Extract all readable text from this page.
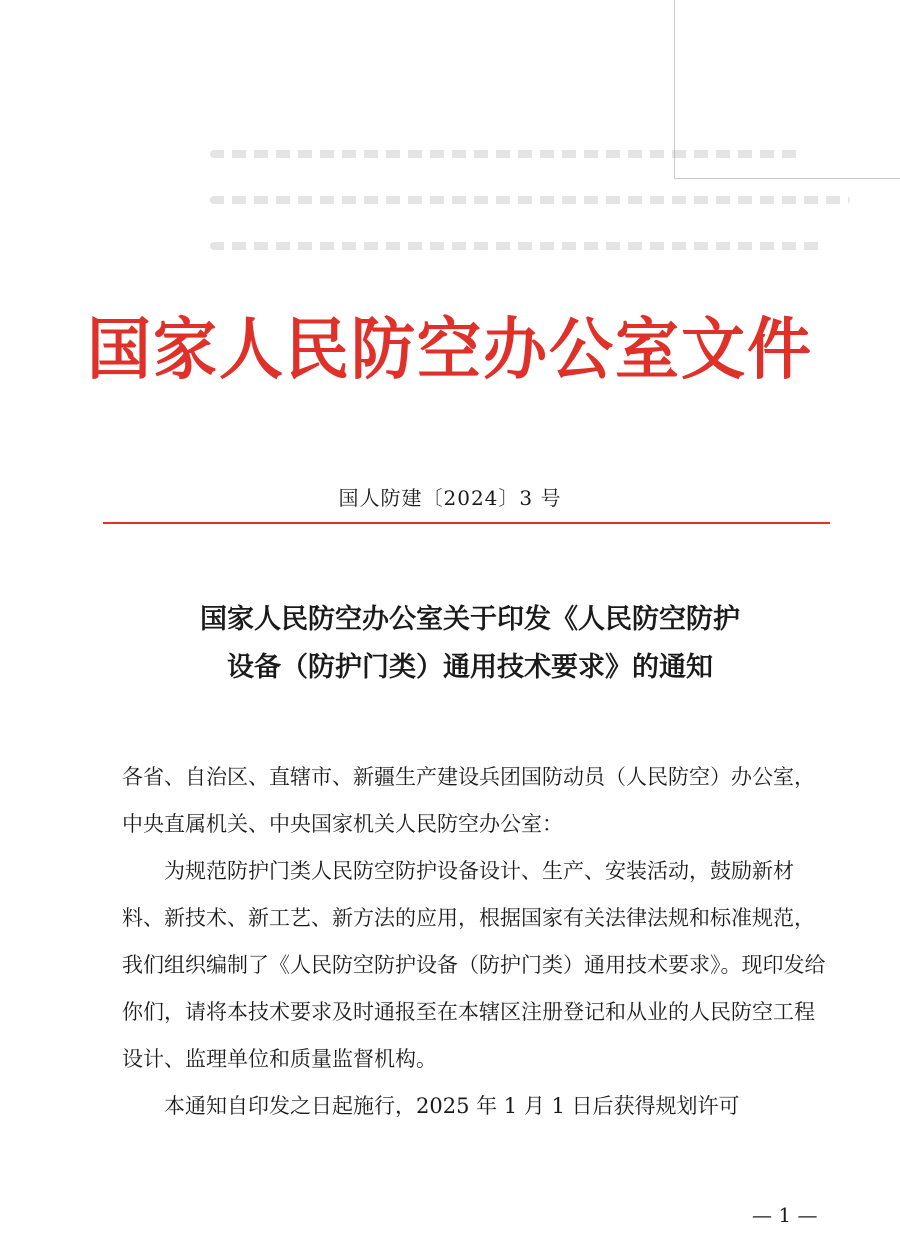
国家人民防空办公室文件
国人防建〔2024〕3 号
国家人民防空办公室关于印发《人民防空防护
设备（防护门类）通用技术要求》的通知

各省、自治区、直辖市、新疆生产建设兵团国防动员（人民防空）办公室，中央直属机关、中央国家机关人民防空办公室：

为规范防护门类人民防空防护设备设计、生产、安装活动，鼓励新材料、新技术、新工艺、新方法的应用，根据国家有关法律法规和标准规范，我们组织编制了《人民防空防护设备（防护门类）通用技术要求》。现印发给你们，请将本技术要求及时通报至在本辖区注册登记和从业的人民防空工程设计、监理单位和质量监督机构。

本通知自印发之日起施行，2025 年 1 月 1 日后获得规划许可

— 1 —
